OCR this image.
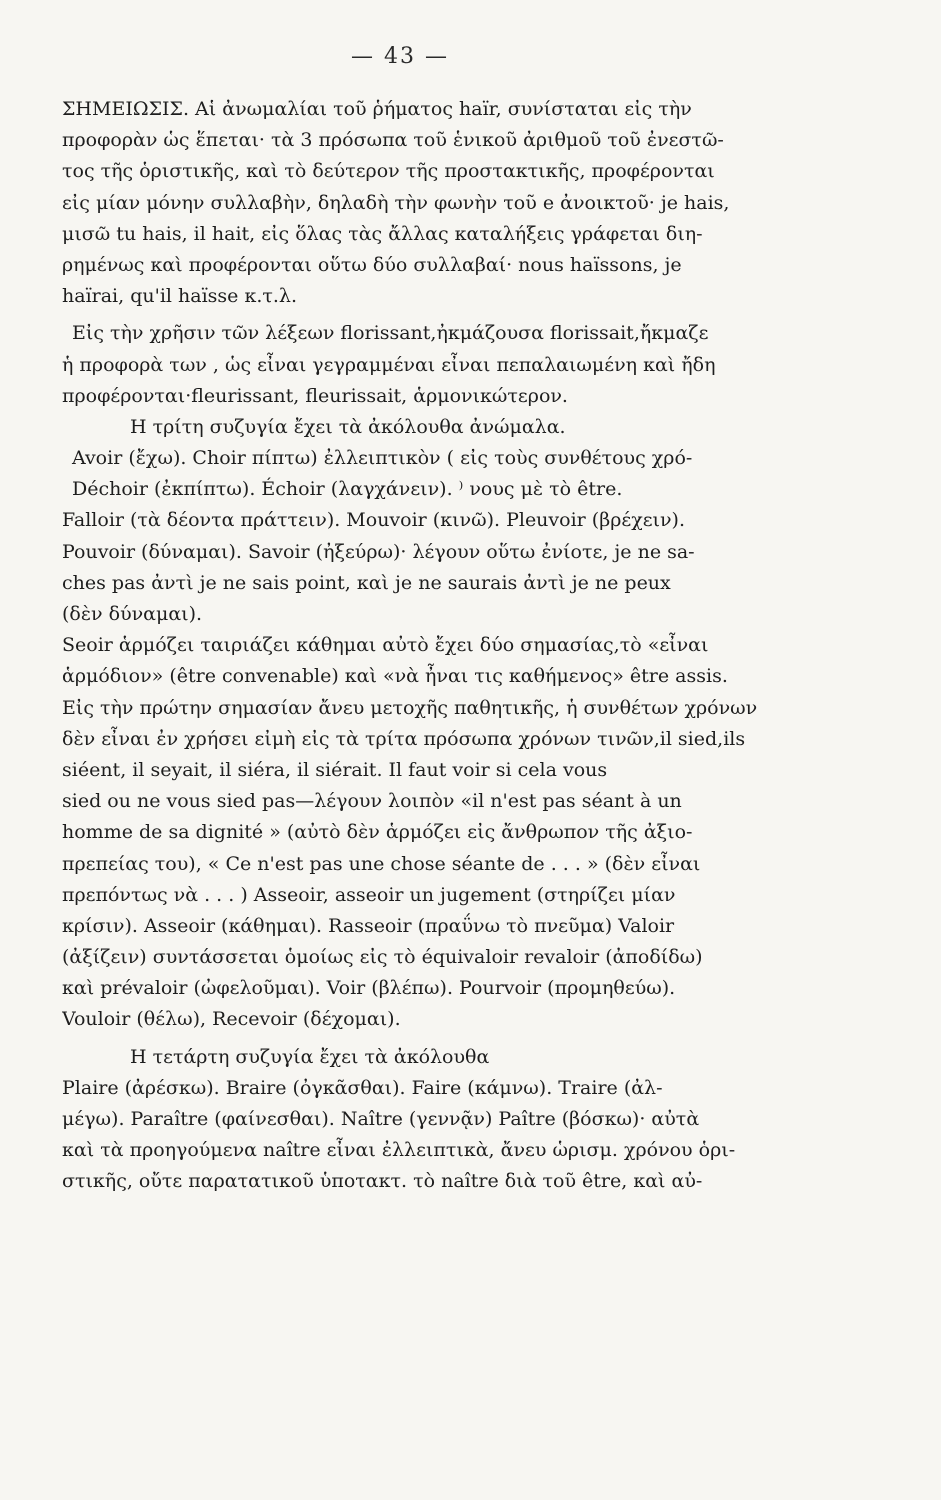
— 43 —
ΣΗΜΕΙΩΣΙΣ. Αἱ ἀνωμαλίαι τοῦ ῥήματος haïr, συνίσταται εἰς τὴν
προφορὰν ὡς ἕπεται· τὰ 3 πρόσωπα τοῦ ἑνικοῦ ἀριθμοῦ τοῦ ἐνεστῶ-
τος τῆς ὁριστικῆς, καὶ τὸ δεύτερον τῆς προστακτικῆς, προφέρονται
εἰς μίαν μόνην συλλαβὴν, δηλαδὴ τὴν φωνὴν τοῦ e ἀνοικτοῦ· je hais,
μισῶ tu hais, il hait, εἰς ὅλας τὰς ἄλλας καταλήξεις γράφεται διη-
ρημένως καὶ προφέρονται οὕτω δύο συλλαβαί· nous haïssons, je
haïrai, qu'il haïsse κ.τ.λ.
Εἰς τὴν χρῆσιν τῶν λέξεων florissant,ἠκμάζουσα florissait,ἤκμαζε
ἡ προφορὰ των , ὡς εἶναι γεγραμμέναι εἶναι πεπαλαιωμένη καὶ ἤδη
προφέρονται·fleurissant, fleurissait, ἁρμονικώτερον.
Η τρίτη συζυγία ἔχει τὰ ἀκόλουθα ἀνώμαλα.
Avoir (ἔχω). Choir πίπτω) ἐλλειπτικὸν ( εἰς τοὺς συνθέτους χρό-
Déchoir (ἐκπίπτω). Échoir (λαγχάνειν). ⁾ νους μὲ τὸ être.
Falloir (τὰ δέοντα πράττειν). Mouvoir (κινῶ). Pleuvoir (βρέχειν).
Pouvoir (δύναμαι). Savoir (ἠξεύρω)· λέγουν οὕτω ἐνίοτε, je ne sa-
ches pas ἀντὶ je ne sais point, καὶ je ne saurais ἀντὶ je ne peux
(δὲν δύναμαι).
Seoir ἁρμόζει ταιριάζει κάθημαι αὐτὸ ἔχει δύο σημασίας,τὸ «εἶναι
ἁρμόδιον» (être convenable) καὶ «νὰ ἦναι τις καθήμενος» être assis.
Εἰς τὴν πρώτην σημασίαν ἄνευ μετοχῆς παθητικῆς, ἡ συνθέτων χρόνων
δὲν εἶναι ἐν χρήσει εἰμὴ εἰς τὰ τρίτα πρόσωπα χρόνων τινῶν,il sied,ils
siéent, il seyait, il siéra, il siérait. Il faut voir si cela vous
sied ou ne vous sied pas—λέγουν λοιπὸν «il n'est pas séant à un
homme de sa dignité » (αὐτὸ δὲν ἁρμόζει εἰς ἄνθρωπον τῆς ἀξιο-
πρεπείας του), « Ce n'est pas une chose séante de . . . » (δὲν εἶναι
πρεπόντως νὰ . . . ) Asseoir, asseoir un jugement (στηρίζει μίαν
κρίσιν). Asseoir (κάθημαι). Rasseoir (πραΰνω τὸ πνεῦμα) Valoir
(ἀξίζειν) συντάσσεται ὁμοίως εἰς τὸ équivaloir revaloir (ἀποδίδω)
καὶ prévaloir (ὠφελοῦμαι). Voir (βλέπω). Pourvoir (προμηθεύω).
Vouloir (θέλω), Recevoir (δέχομαι).
Η τετάρτη συζυγία ἔχει τὰ ἀκόλουθα
Plaire (ἀρέσκω). Braire (ὀγκᾶσθαι). Faire (κάμνω). Traire (ἀλ-
μέγω). Paraître (φαίνεσθαι). Naître (γεννᾷν) Paître (βόσκω)· αὐτὰ
καὶ τὰ προηγούμενα naître εἶναι ἐλλειπτικὰ, ἄνευ ὡρισμ. χρόνου ὁρι-
στικῆς, οὔτε παρατατικοῦ ὑποτακτ. τὸ naître διὰ τοῦ être, καὶ αὐ-
